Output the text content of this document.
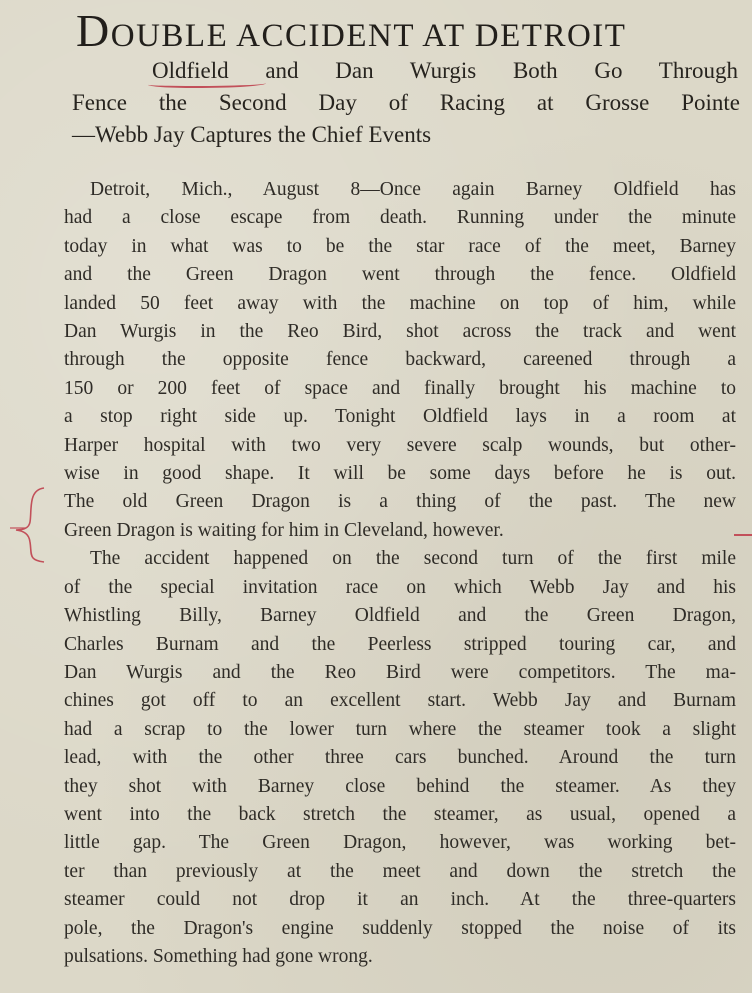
DOUBLE ACCIDENT AT DETROIT
Oldfield and Dan Wurgis Both Go Through
Fence the Second Day of Racing at Grosse Pointe
—Webb Jay Captures the Chief Events
Detroit, Mich., August 8—Once again Barney Oldfield has
had a close escape from death. Running under the minute
today in what was to be the star race of the meet, Barney
and the Green Dragon went through the fence. Oldfield
landed 50 feet away with the machine on top of him, while
Dan Wurgis in the Reo Bird, shot across the track and went
through the opposite fence backward, careened through a
150 or 200 feet of space and finally brought his machine to
a stop right side up. Tonight Oldfield lays in a room at
Harper hospital with two very severe scalp wounds, but other-
wise in good shape. It will be some days before he is out.
The old Green Dragon is a thing of the past. The new
Green Dragon is waiting for him in Cleveland, however.
The accident happened on the second turn of the first mile
of the special invitation race on which Webb Jay and his
Whistling Billy, Barney Oldfield and the Green Dragon,
Charles Burnam and the Peerless stripped touring car, and
Dan Wurgis and the Reo Bird were competitors. The ma-
chines got off to an excellent start. Webb Jay and Burnam
had a scrap to the lower turn where the steamer took a slight
lead, with the other three cars bunched. Around the turn
they shot with Barney close behind the steamer. As they
went into the back stretch the steamer, as usual, opened a
little gap. The Green Dragon, however, was working bet-
ter than previously at the meet and down the stretch the
steamer could not drop it an inch. At the three-quarters
pole, the Dragon's engine suddenly stopped the noise of its
pulsations. Something had gone wrong.
